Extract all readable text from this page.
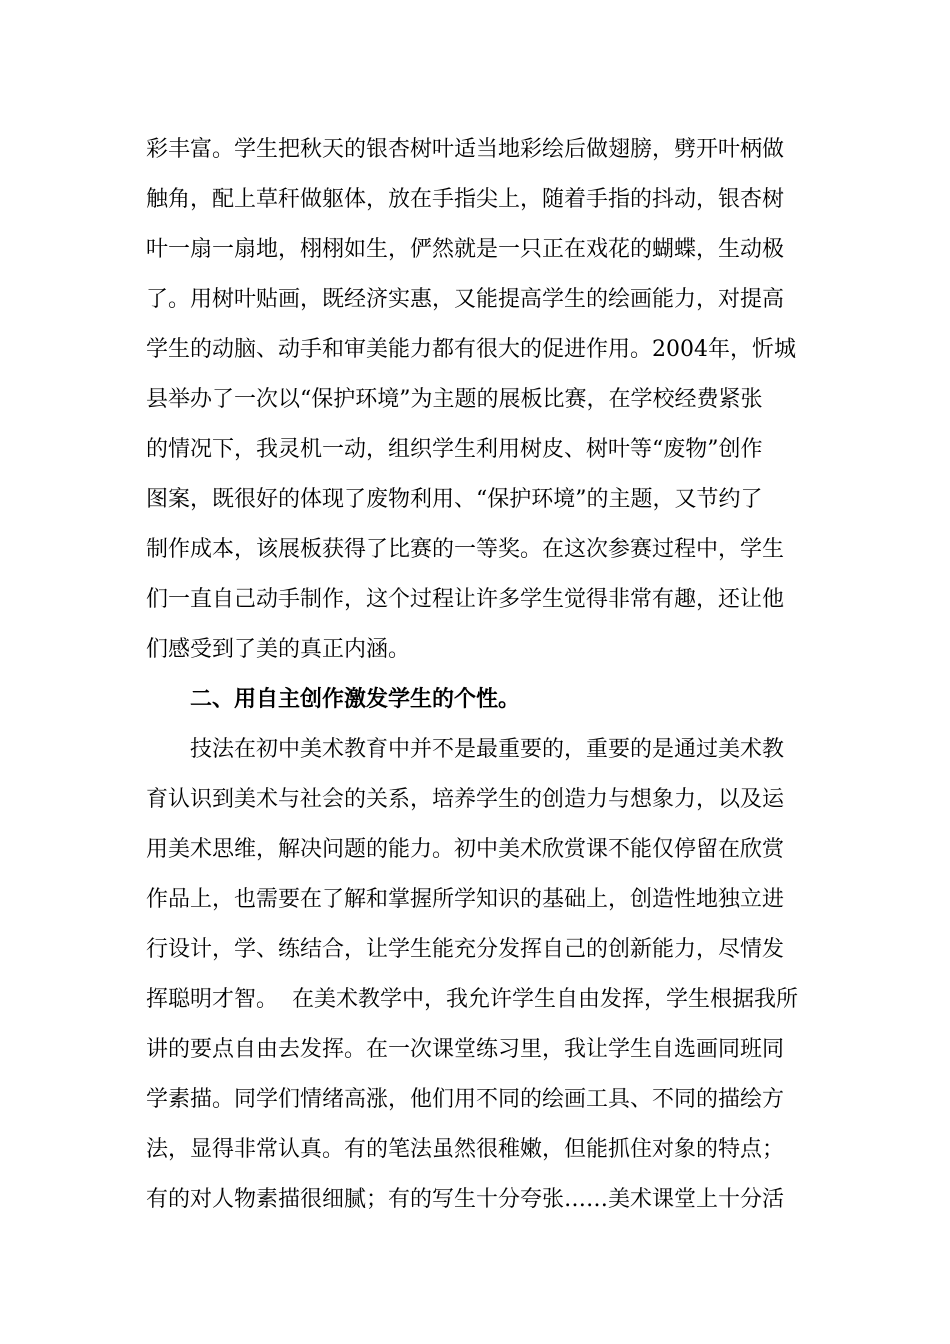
彩丰富。学生把秋天的银杏树叶适当地彩绘后做翅膀，劈开叶柄做
触角，配上草秆做躯体，放在手指尖上，随着手指的抖动，银杏树
叶一扇一扇地，栩栩如生，俨然就是一只正在戏花的蝴蝶，生动极
了。用树叶贴画，既经济实惠，又能提高学生的绘画能力，对提高
学生的动脑、动手和审美能力都有很大的促进作用。2004年，忻城
县举办了一次以“保护环境”为主题的展板比赛，在学校经费紧张
的情况下，我灵机一动，组织学生利用树皮、树叶等“废物”创作
图案，既很好的体现了废物利用、“保护环境”的主题，又节约了
制作成本，该展板获得了比赛的一等奖。在这次参赛过程中，学生
们一直自己动手制作，这个过程让许多学生觉得非常有趣，还让他
们感受到了美的真正内涵。
二、用自主创作激发学生的个性。
技法在初中美术教育中并不是最重要的，重要的是通过美术教
育认识到美术与社会的关系，培养学生的创造力与想象力，以及运
用美术思维，解决问题的能力。初中美术欣赏课不能仅停留在欣赏
作品上，也需要在了解和掌握所学知识的基础上，创造性地独立进
行设计，学、练结合，让学生能充分发挥自己的创新能力，尽情发
挥聪明才智。  在美术教学中，我允许学生自由发挥，学生根据我所
讲的要点自由去发挥。在一次课堂练习里，我让学生自选画同班同
学素描。同学们情绪高涨，他们用不同的绘画工具、不同的描绘方
法，显得非常认真。有的笔法虽然很稚嫩，但能抓住对象的特点；
有的对人物素描很细腻；有的写生十分夸张……美术课堂上十分活
